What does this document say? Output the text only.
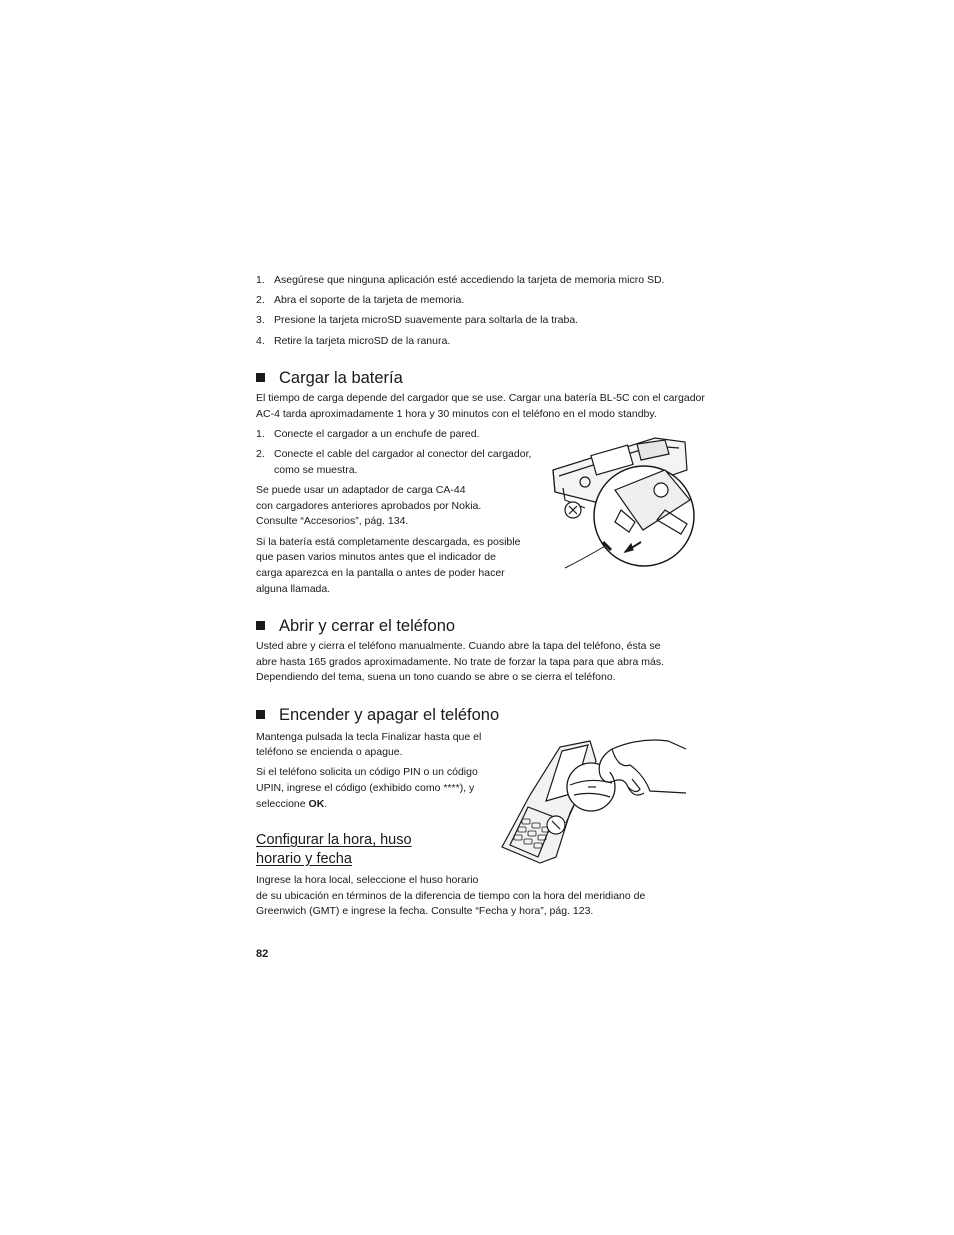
1. Asegúrese que ninguna aplicación esté accediendo la tarjeta de memoria micro SD.
2. Abra el soporte de la tarjeta de memoria.
3. Presione la tarjeta microSD suavemente para soltarla de la traba.
4. Retire la tarjeta microSD de la ranura.
Cargar la batería
El tiempo de carga depende del cargador que se use. Cargar una batería BL-5C con el cargador
AC-4 tarda aproximadamente 1 hora y 30 minutos con el teléfono en el modo standby.
1. Conecte el cargador a un enchufe de pared.
2. Conecte el cable del cargador al conector del cargador,
como se muestra.
Se puede usar un adaptador de carga CA-44
con cargadores anteriores aprobados por Nokia.
Consulte “Accesorios”, pág. 134.
Si la batería está completamente descargada, es posible
que pasen varios minutos antes que el indicador de
carga aparezca en la pantalla o antes de poder hacer
alguna llamada.
Abrir y cerrar el teléfono
Usted abre y cierra el teléfono manualmente. Cuando abre la tapa del teléfono, ésta se
abre hasta 165 grados aproximadamente. No trate de forzar la tapa para que abra más.
Dependiendo del tema, suena un tono cuando se abre o se cierra el teléfono.
Encender y apagar el teléfono
Mantenga pulsada la tecla Finalizar hasta que el
teléfono se encienda o apague.
Si el teléfono solicita un código PIN o un código
UPIN, ingrese el código (exhibido como ****), y
seleccione OK.
Configurar la hora, huso
horario y fecha
Ingrese la hora local, seleccione el huso horario
de su ubicación en términos de la diferencia de tiempo con la hora del meridiano de
Greenwich (GMT) e ingrese la fecha. Consulte “Fecha y hora”, pág. 123.
82
